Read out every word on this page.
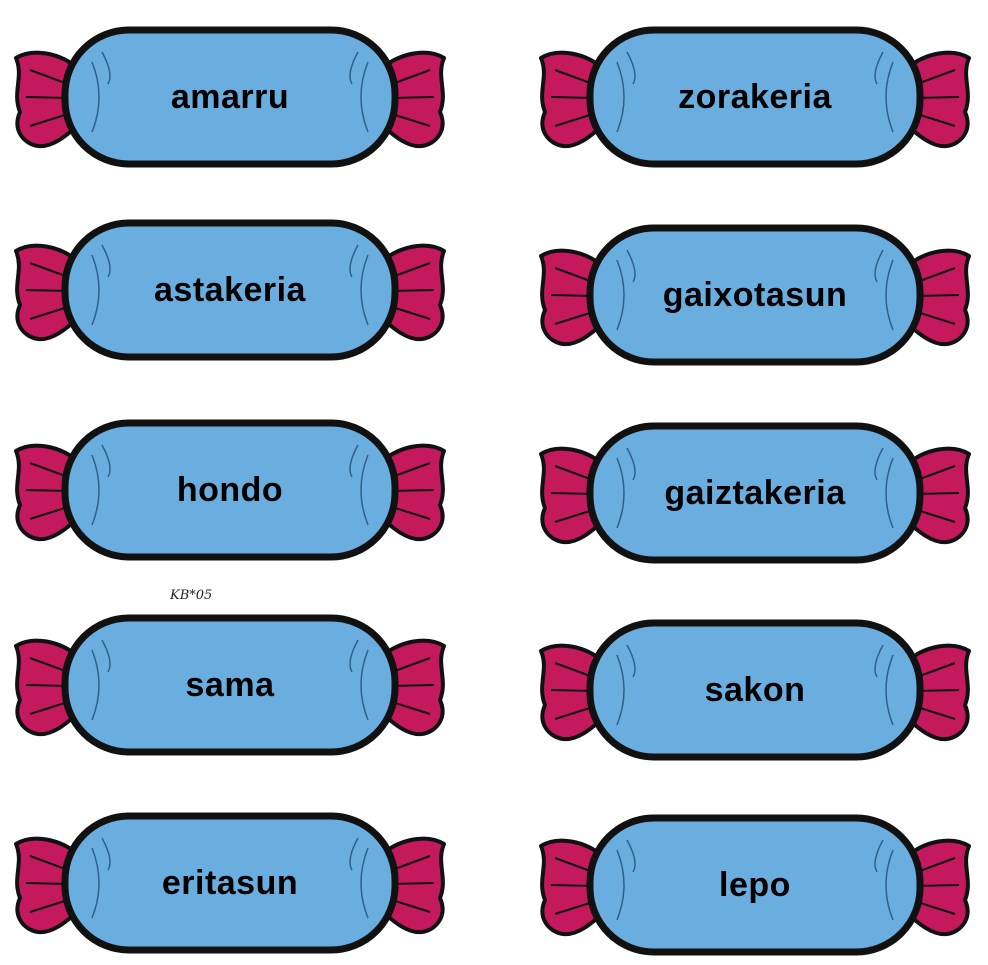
amarru
astakeria
hondo
sama
eritasun
zorakeria
gaixotasun
gaiztakeria
sakon
lepo
KB*05
